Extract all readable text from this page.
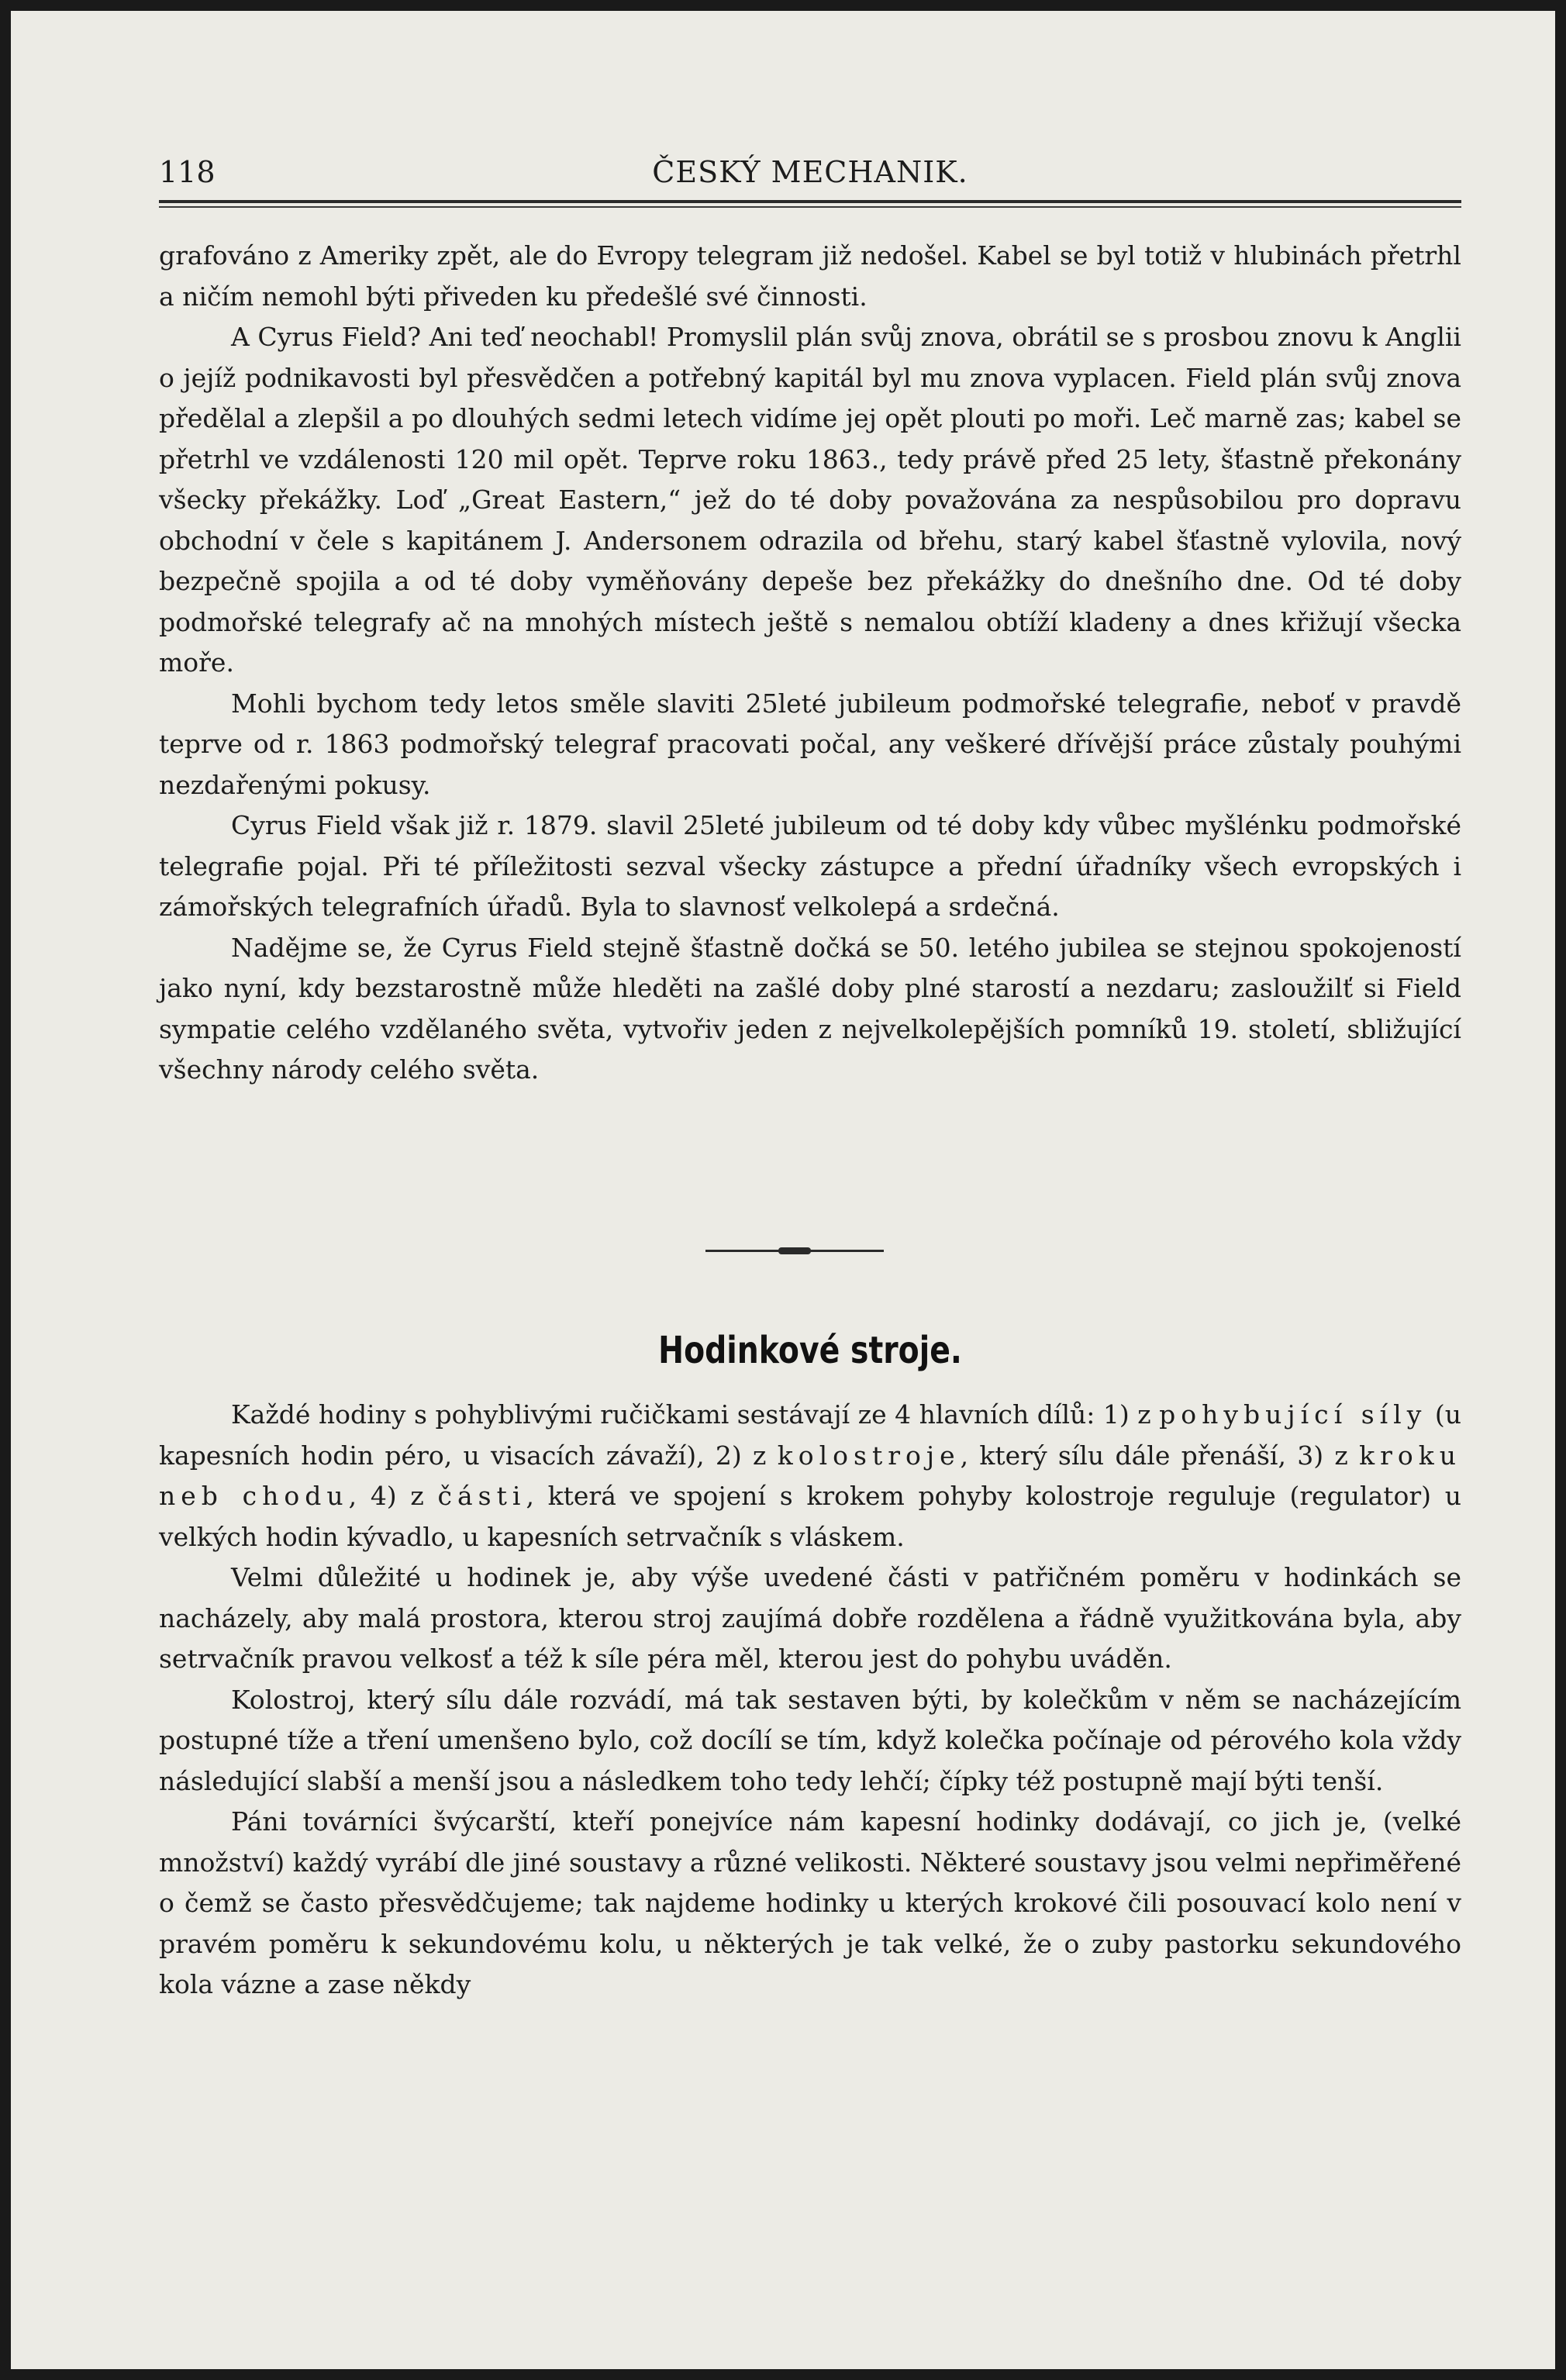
118	ČESKÝ MECHANIK.

grafováno z Ameriky zpět, ale do Evropy telegram již nedošel. Kabel se byl totiž v hlubinách přetrhl a ničím nemohl býti přiveden ku předešlé své činnosti.

A Cyrus Field? Ani teď neochabl! Promyslil plán svůj znova, obrátil se s prosbou znovu k Anglii o jejíž podnikavosti byl přesvědčen a potřebný kapitál byl mu znova vyplacen. Field plán svůj znova předělal a zlepšil a po dlouhých sedmi letech vidíme jej opět plouti po moři. Leč marně zas; kabel se přetrhl ve vzdálenosti 120 mil opět. Teprve roku 1863., tedy právě před 25 lety, šťastně překonány všecky překážky. Loď „Great Eastern,“ jež do té doby považována za nespůsobilou pro dopravu obchodní v čele s kapitánem J. Andersonem odrazila od břehu, starý kabel šťastně vylovila, nový bezpečně spojila a od té doby vyměňovány depeše bez překážky do dnešního dne. Od té doby podmořské telegrafy ač na mnohých místech ještě s nemalou obtíží kladeny a dnes křižují všecka moře.

Mohli bychom tedy letos směle slaviti 25leté jubileum podmořské telegrafie, neboť v pravdě teprve od r. 1863 podmořský telegraf pracovati počal, any veškeré dřívější práce zůstaly pouhými nezdařenými pokusy.

Cyrus Field však již r. 1879. slavil 25leté jubileum od té doby kdy vůbec myšlénku podmořské telegrafie pojal. Při té příležitosti sezval všecky zástupce a přední úřadníky všech evropských i zámořských telegrafních úřadů. Byla to slavnosť velkolepá a srdečná.

Nadějme se, že Cyrus Field stejně šťastně dočká se 50. letého jubilea se stejnou spokojeností jako nyní, kdy bezstarostně může hleděti na zašlé doby plné starostí a nezdaru; zasloužilť si Field sympatie celého vzdělaného světa, vytvořiv jeden z nejvelkolepějších pomníků 19. století, sbližující všechny národy celého světa.

Hodinkové stroje.

Každé hodiny s pohyblivými ručičkami sestávají ze 4 hlavních dílů: 1) z pohybující síly (u kapesních hodin péro, u visacích závaží), 2) z kolostroje, který sílu dále přenáší, 3) z kroku neb chodu, 4) z části, která ve spojení s krokem pohyby kolostroje reguluje (regulator) u velkých hodin kývadlo, u kapesních setrvačník s vláskem.

Velmi důležité u hodinek je, aby výše uvedené části v patřičném poměru v hodinkách se nacházely, aby malá prostora, kterou stroj zaujímá dobře rozdělena a řádně využitkována byla, aby setrvačník pravou velkosť a též k síle péra měl, kterou jest do pohybu uváděn.

Kolostroj, který sílu dále rozvádí, má tak sestaven býti, by kolečkům v něm se nacházejícím postupné tíže a tření umenšeno bylo, což docílí se tím, když kolečka počínaje od pérového kola vždy následující slabší a menší jsou a následkem toho tedy lehčí; čípky též postupně mají býti tenší.

Páni továrníci švýcarští, kteří ponejvíce nám kapesní hodinky dodávají, co jich je, (velké množství) každý vyrábí dle jiné soustavy a různé velikosti. Některé soustavy jsou velmi nepřiměřené o čemž se často přesvědčujeme; tak najdeme hodinky u kterých krokové čili posouvací kolo není v pravém poměru k sekundovému kolu, u některých je tak velké, že o zuby pastorku sekundového kola vázne a zase někdy
